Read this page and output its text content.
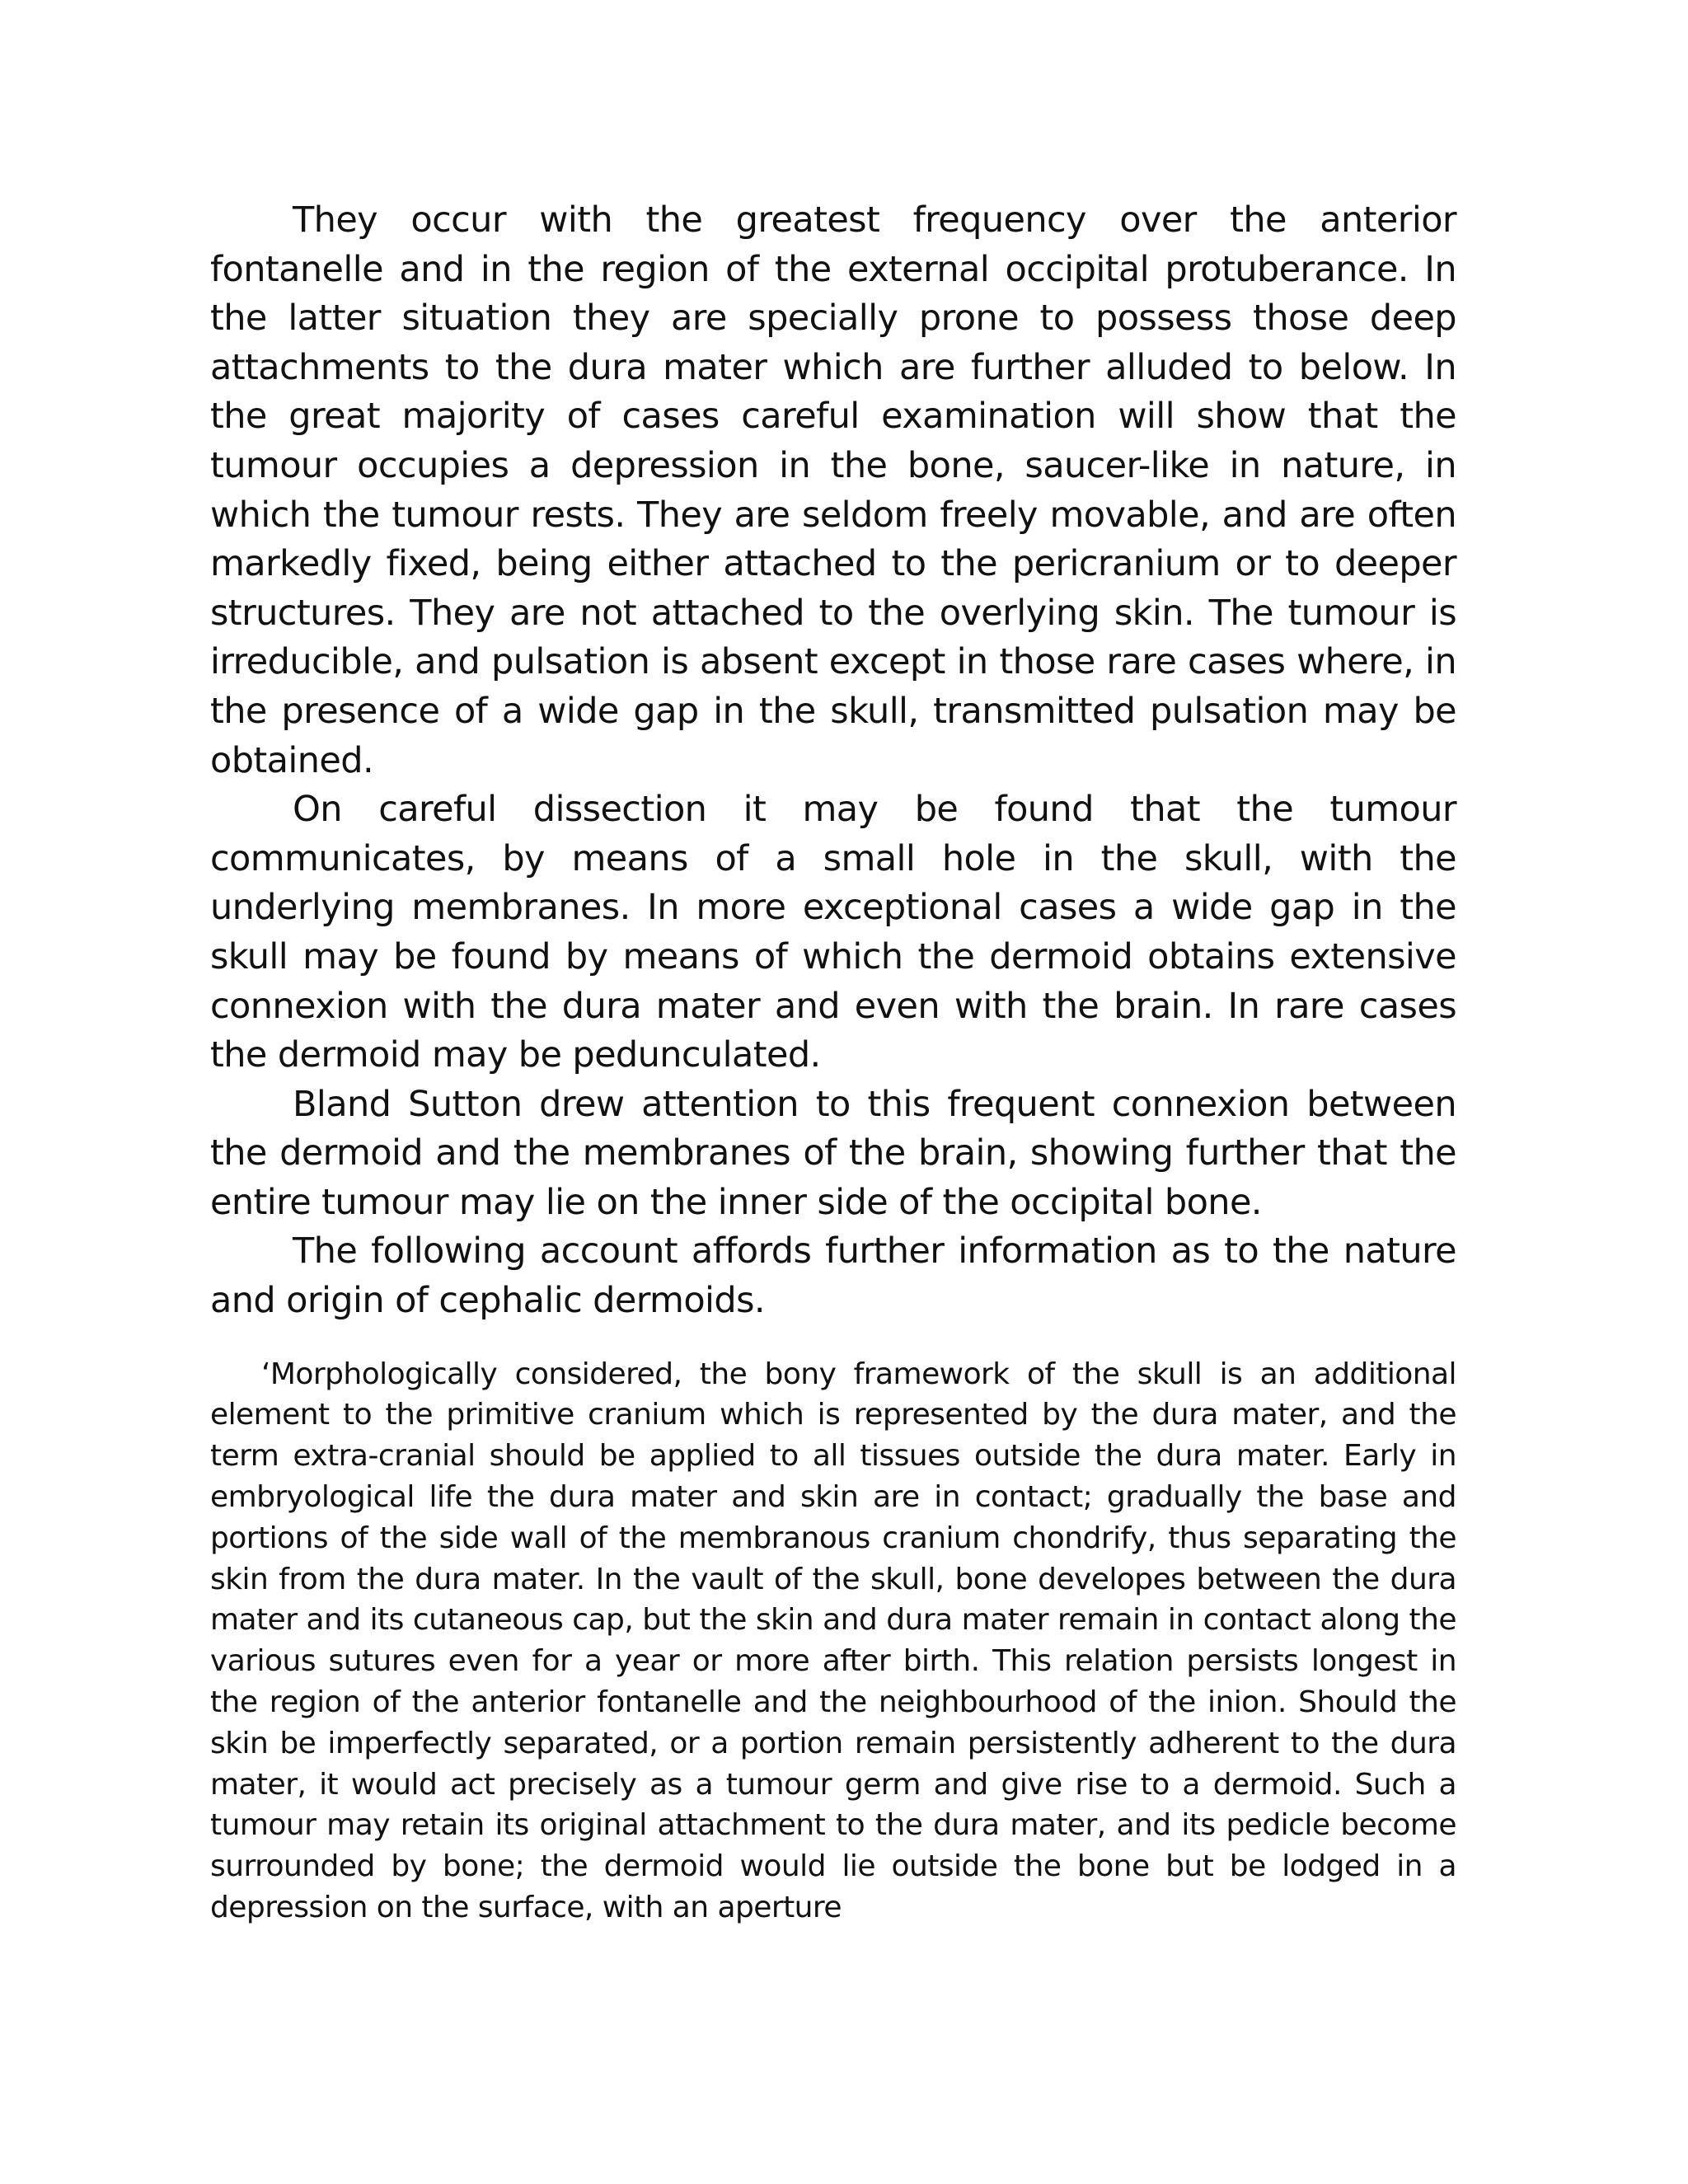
They occur with the greatest frequency over the anterior fontanelle and in the region of the external occipital protuberance. In the latter situation they are specially prone to possess those deep attachments to the dura mater which are further alluded to below. In the great majority of cases careful examination will show that the tumour occupies a depression in the bone, saucer-like in nature, in which the tumour rests. They are seldom freely movable, and are often markedly fixed, being either attached to the pericranium or to deeper structures. They are not attached to the overlying skin. The tumour is irreducible, and pulsation is absent except in those rare cases where, in the presence of a wide gap in the skull, transmitted pulsation may be obtained.

On careful dissection it may be found that the tumour communicates, by means of a small hole in the skull, with the underlying membranes. In more exceptional cases a wide gap in the skull may be found by means of which the dermoid obtains extensive connexion with the dura mater and even with the brain. In rare cases the dermoid may be pedunculated.

Bland Sutton drew attention to this frequent connexion between the dermoid and the membranes of the brain, showing further that the entire tumour may lie on the inner side of the occipital bone.

The following account affords further information as to the nature and origin of cephalic dermoids.

‘Morphologically considered, the bony framework of the skull is an additional element to the primitive cranium which is represented by the dura mater, and the term extra-cranial should be applied to all tissues outside the dura mater. Early in embryological life the dura mater and skin are in contact; gradually the base and portions of the side wall of the membranous cranium chondrify, thus separating the skin from the dura mater. In the vault of the skull, bone developes between the dura mater and its cutaneous cap, but the skin and dura mater remain in contact along the various sutures even for a year or more after birth. This relation persists longest in the region of the anterior fontanelle and the neighbourhood of the inion. Should the skin be imperfectly separated, or a portion remain persistently adherent to the dura mater, it would act precisely as a tumour germ and give rise to a dermoid. Such a tumour may retain its original attachment to the dura mater, and its pedicle become surrounded by bone; the dermoid would lie outside the bone but be lodged in a depression on the surface, with an aperture
